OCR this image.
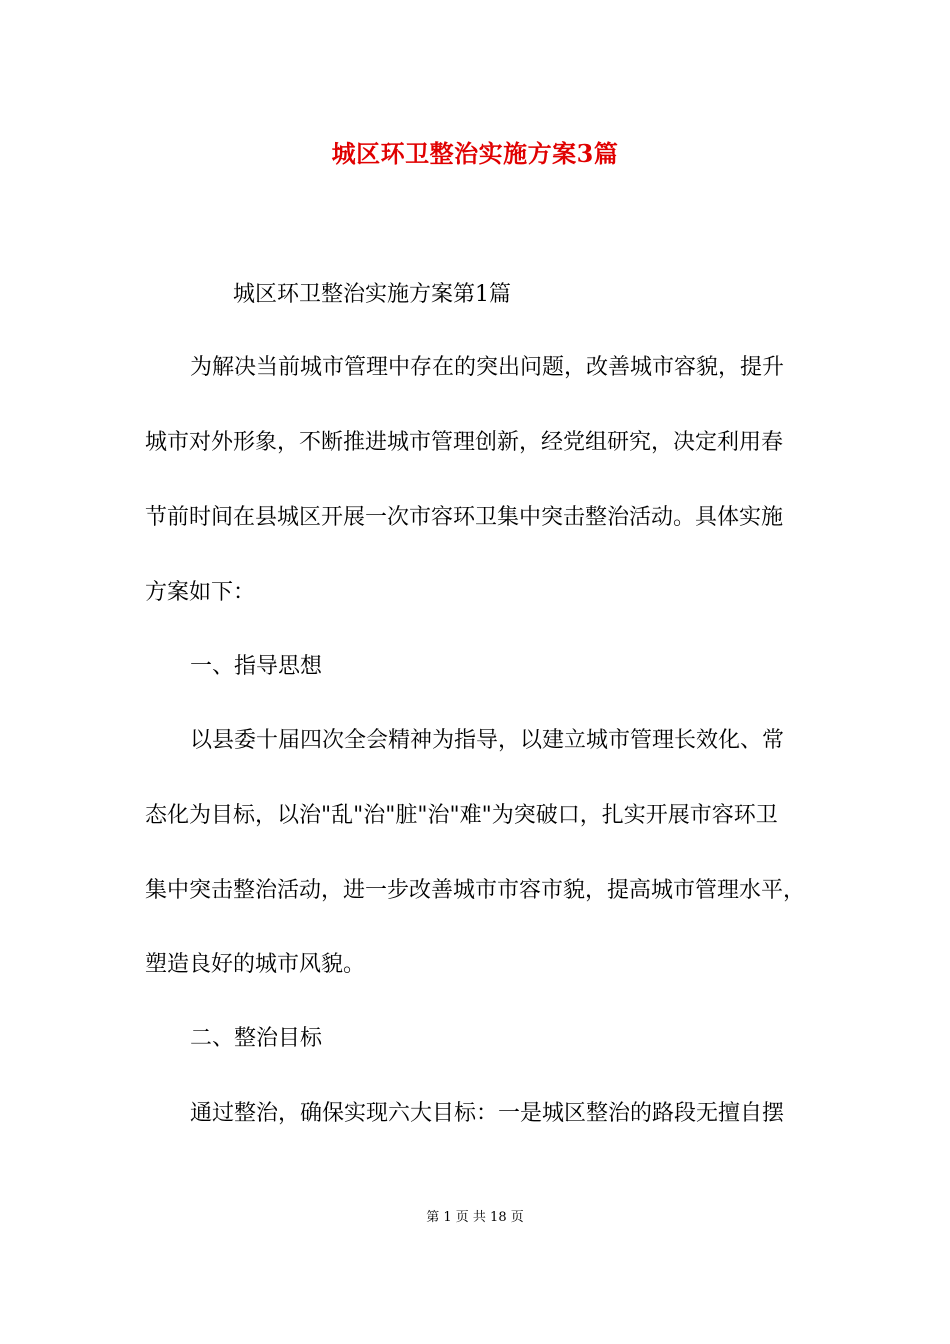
城区环卫整治实施方案3篇
城区环卫整治实施方案第1篇
为解决当前城市管理中存在的突出问题，改善城市容貌，提升
城市对外形象，不断推进城市管理创新，经党组研究，决定利用春
节前时间在县城区开展一次市容环卫集中突击整治活动。具体实施
方案如下：
一、指导思想
以县委十届四次全会精神为指导，以建立城市管理长效化、常
态化为目标，以治"乱"治"脏"治"难"为突破口，扎实开展市容环卫
集中突击整治活动，进一步改善城市市容市貌，提高城市管理水平，
塑造良好的城市风貌。
二、整治目标
通过整治，确保实现六大目标：一是城区整治的路段无擅自摆
第 1 页 共 18 页
